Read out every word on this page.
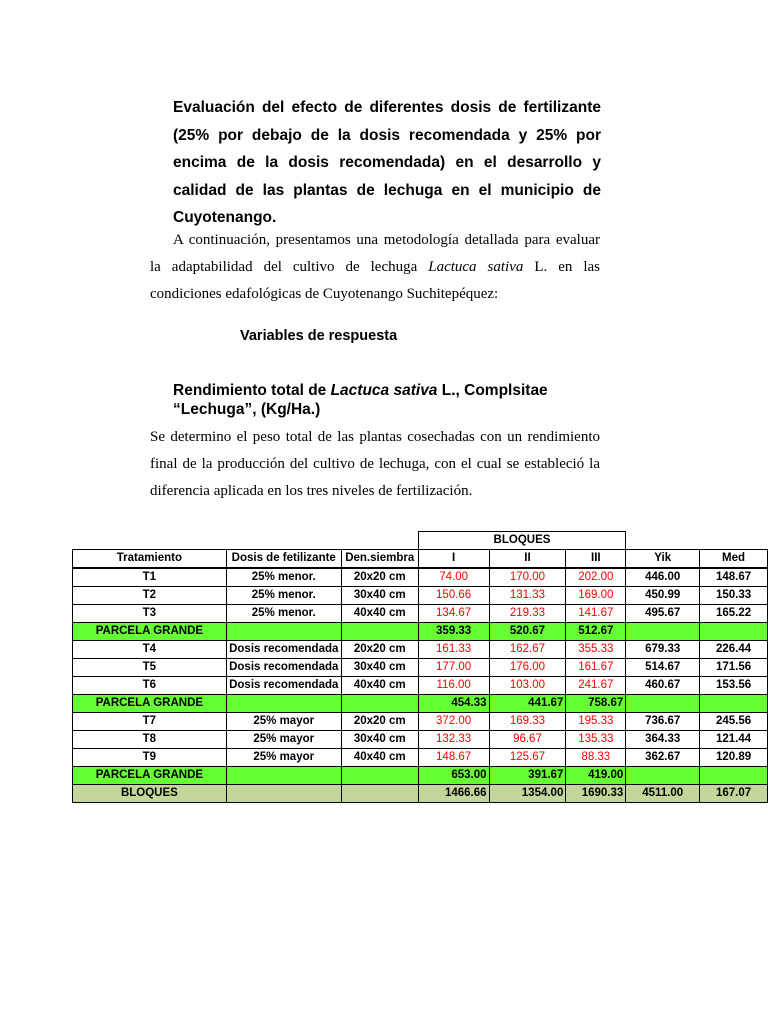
Evaluación del efecto de diferentes dosis de fertilizante (25% por debajo de la dosis recomendada y 25% por encima de la dosis recomendada) en el desarrollo y calidad de las plantas de lechuga en el municipio de Cuyotenango.

A continuación, presentamos una metodología detallada para evaluar la adaptabilidad del cultivo de lechuga Lactuca sativa L. en las condiciones edafológicas de Cuyotenango Suchitepéquez:

Variables de respuesta

Rendimiento total de Lactuca sativa L., Complsitae “Lechuga”, (Kg/Ha.)

Se determino el peso total de las plantas cosechadas con un rendimiento final de la producción del cultivo de lechuga, con el cual se estableció la diferencia aplicada en los tres niveles de fertilización.

			BLOQUES				
Tratamiento	Dosis de fetilizante	Den.siembra	I	II	III	Yik	Med
T1	25% menor.	20x20 cm	74.00	170.00	202.00	446.00	148.67
T2	25% menor.	30x40 cm	150.66	131.33	169.00	450.99	150.33
T3	25% menor.	40x40 cm	134.67	219.33	141.67	495.67	165.22
PARCELA GRANDE			359.33	520.67	512.67		
T4	Dosis recomendada	20x20 cm	161.33	162.67	355.33	679.33	226.44
T5	Dosis recomendada	30x40 cm	177.00	176.00	161.67	514.67	171.56
T6	Dosis recomendada	40x40 cm	116.00	103.00	241.67	460.67	153.56
PARCELA GRANDE			454.33	441.67	758.67		
T7	25% mayor	20x20 cm	372.00	169.33	195.33	736.67	245.56
T8	25% mayor	30x40 cm	132.33	96.67	135.33	364.33	121.44
T9	25% mayor	40x40 cm	148.67	125.67	88.33	362.67	120.89
PARCELA GRANDE			653.00	391.67	419.00		
BLOQUES			1466.66	1354.00	1690.33	4511.00	167.07
